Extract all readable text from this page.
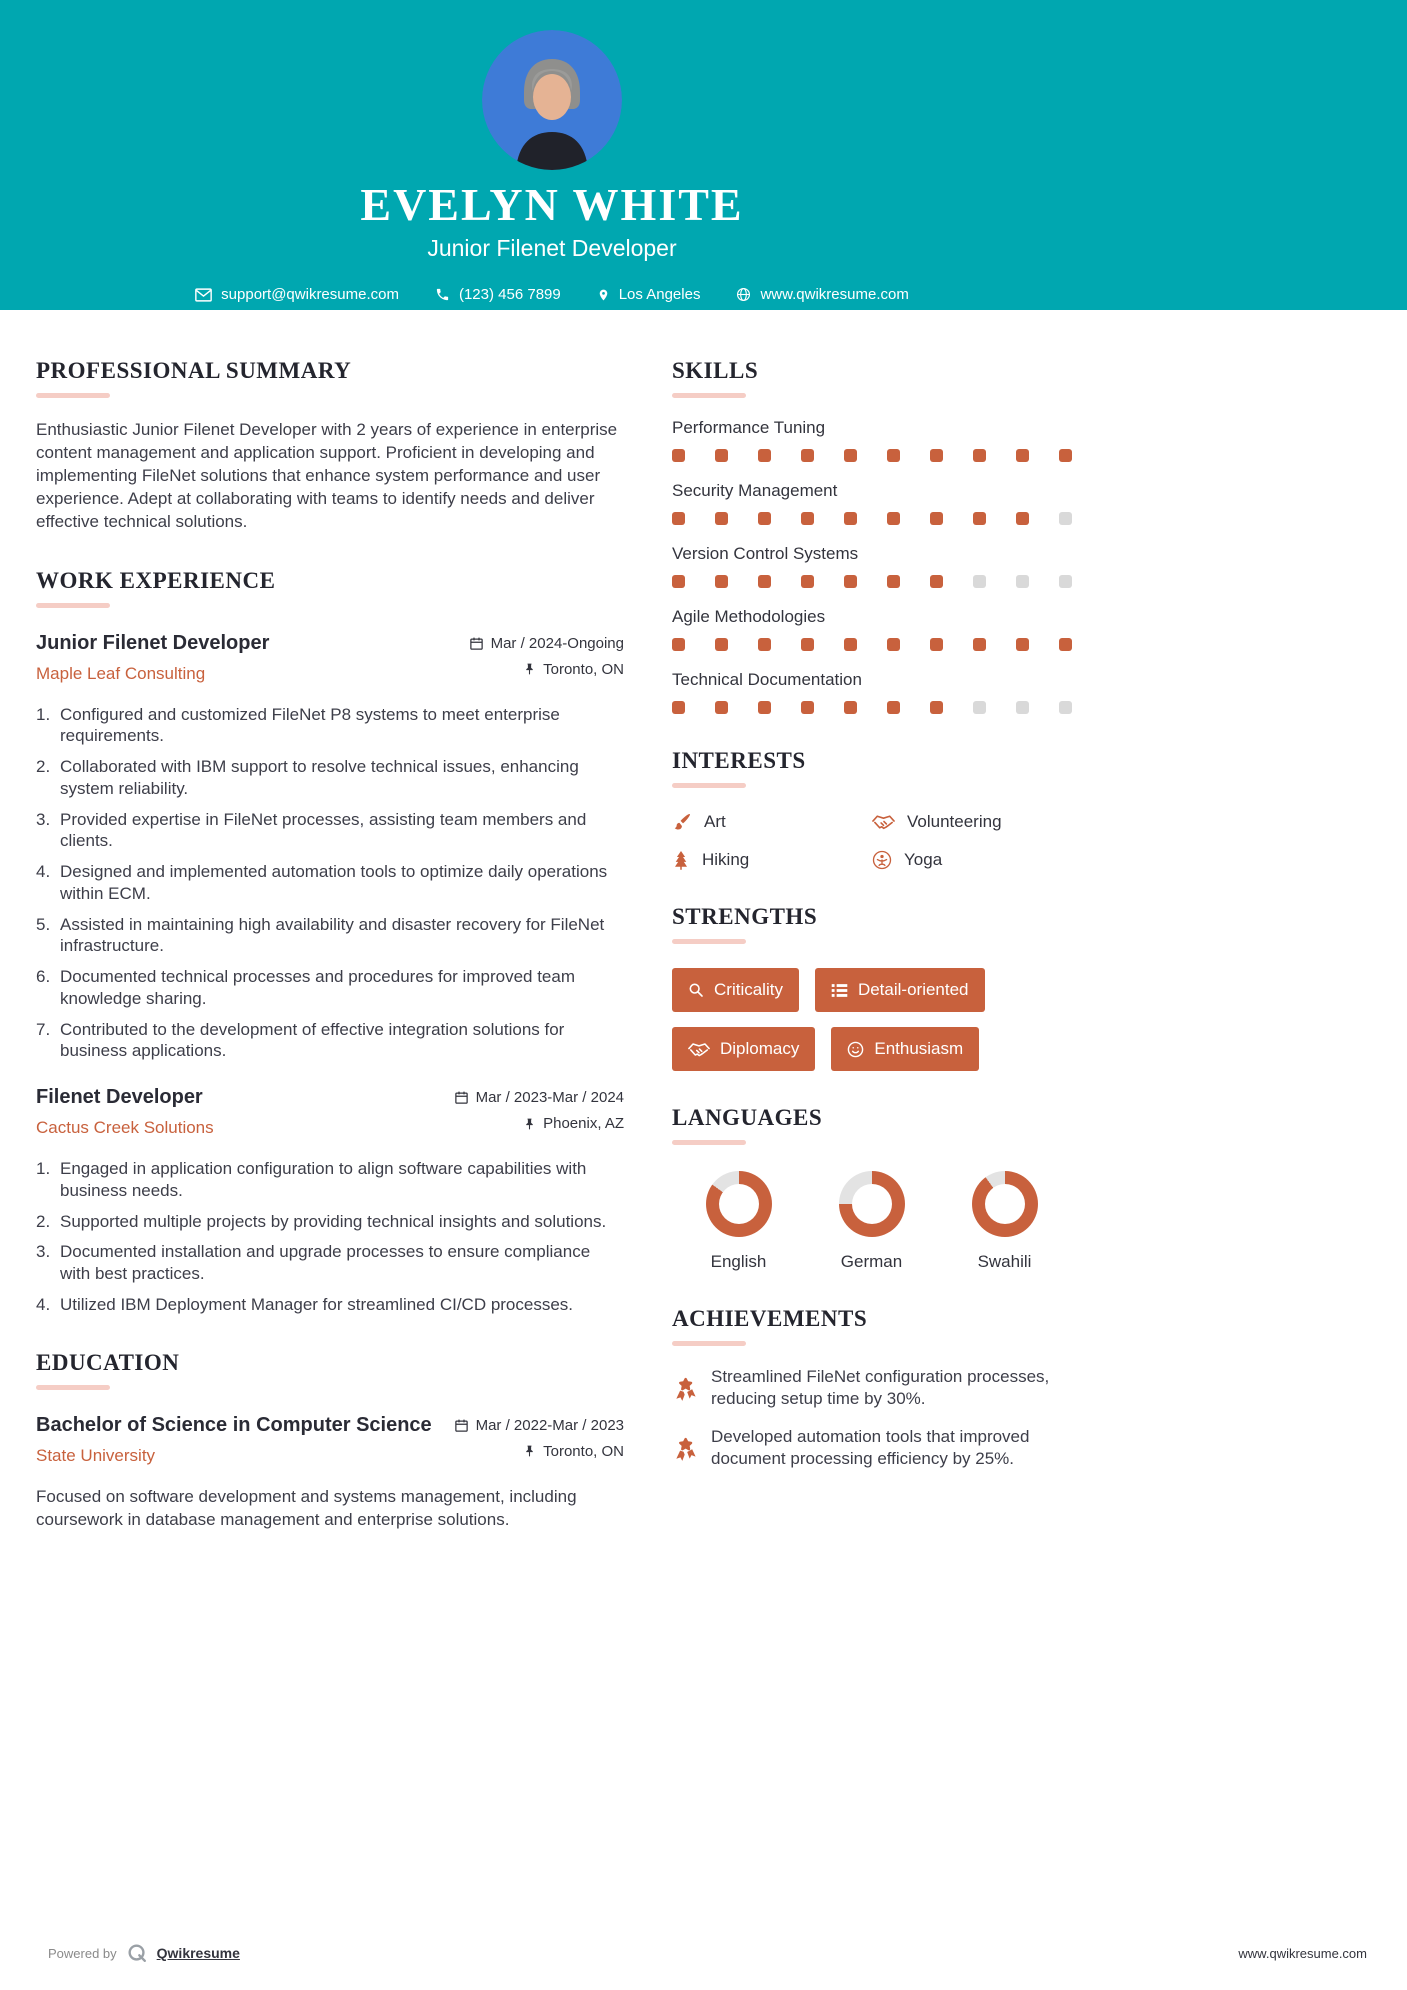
EVELYN WHITE
Junior Filenet Developer
support@qwikresume.com	(123) 456 7899	Los Angeles	www.qwikresume.com
PROFESSIONAL SUMMARY

Enthusiastic Junior Filenet Developer with 2 years of experience in enterprise content management and application support. Proficient in developing and implementing FileNet solutions that enhance system performance and user experience. Adept at collaborating with teams to identify needs and deliver effective technical solutions.

WORK EXPERIENCE
Junior Filenet Developer
Maple Leaf Consulting
Mar / 2024-Ongoing
Toronto, ON
Configured and customized FileNet P8 systems to meet enterprise requirements.
Collaborated with IBM support to resolve technical issues, enhancing system reliability.
Provided expertise in FileNet processes, assisting team members and clients.
Designed and implemented automation tools to optimize daily operations within ECM.
Assisted in maintaining high availability and disaster recovery for FileNet infrastructure.
Documented technical processes and procedures for improved team knowledge sharing.
Contributed to the development of effective integration solutions for business applications.
Filenet Developer
Cactus Creek Solutions
Mar / 2023-Mar / 2024
Phoenix, AZ
Engaged in application configuration to align software capabilities with business needs.
Supported multiple projects by providing technical insights and solutions.
Documented installation and upgrade processes to ensure compliance with best practices.
Utilized IBM Deployment Manager for streamlined CI/CD processes.
EDUCATION
Bachelor of Science in Computer Science
State University
Mar / 2022-Mar / 2023
Toronto, ON

Focused on software development and systems management, including coursework in database management and enterprise solutions.

SKILLS
Performance Tuning
Security Management
Version Control Systems
Agile Methodologies
Technical Documentation
INTERESTS
Art	Volunteering
Hiking	Yoga
STRENGTHS
Criticality	Detail-oriented
Diplomacy	Enthusiasm
LANGUAGES
English	German	Swahili
ACHIEVEMENTS
Streamlined FileNet configuration processes, reducing setup time by 30%.
Developed automation tools that improved document processing efficiency by 25%.
Powered by	Qwikresume	www.qwikresume.com
